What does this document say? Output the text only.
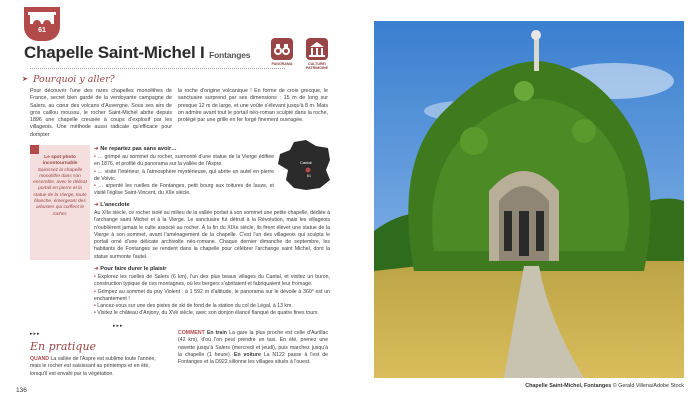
61
Chapelle Saint-Michel I Fontanges
PANORAMA	CULTURE/
PATRIMOINE
➤ Pourquoi y aller?
Pour découvrir l'une des rares chapelles monolithes de France, secret bien gardé de la verdoyante campagne de Salers, au cœur des volcans d'Auvergne. Sous ses airs de gros caillou moussu, le rocher Saint-Michel abrite depuis 1896 une chapelle creusée à coups d'explosif par les villageois. Une méthode aussi radicale qu'efficace pour dompter
la roche d'origine volcanique ! En forme de croix grecque, le sanctuaire surprend par ses dimensions : 15 m de long sur presque 12 m de large, et une voûte s'élevant jusqu'à 8 m. Mais on admire avant tout le portail néo-roman sculpté dans la roche, protégé par une grille en fer forgé finement ouvragée.
Le spot photo incontournable
Saisissez la chapelle monolithe dans son ensemble, avec le délicat portail en pierre et la statue de la Vierge, toute blanche, émergeant des arbustes qui coiffent le rocher.
➜ Ne repartez pas sans avoir…
• … grimpé au sommet du rocher, surmonté d'une statue de la Vierge édifiée en 1876, et profité du panorama sur la vallée de l'Aspre.
• … visité l'intérieur, à l'atmosphère mystérieuse, qui abrite un autel en pierre de Volvic.
• … arpenté les ruelles de Fontanges, petit bourg aux toitures de lauze, et visité l'église Saint-Vincent, du XIIe siècle.
Cantal
61
➜ L'anecdote
Au XIIe siècle, ce rocher isolé au milieu de la vallée portait à son sommet une petite chapelle, dédiée à l'archange saint Michel et à la Vierge. Le sanctuaire fut détruit à la Révolution, mais les villageois n'oublièrent jamais le culte associé au rocher. À la fin du XIXe siècle, ils firent élever une statue de la Vierge à son sommet, avant l'aménagement de la chapelle. C'est l'un des villageois qui sculpta le portail orné d'une délicate archivolte néo-romane. Chaque dernier dimanche de septembre, les habitants de Fontanges se rendent dans la chapelle pour célébrer l'archange saint Michel, dont la statue surmonte l'autel.
➜ Pour faire durer le plaisir
• Explorez les ruelles de Salers (6 km), l'un des plus beaux villages du Cantal, et visitez un buron, construction typique de ces montagnes, où les bergers s'abritaient et fabriquaient leur fromage.
• Grimpez au sommet du puy Violent : à 1 592 m d'altitude, le panorama sur le dévoile à 360° est un enchantement !
• Lancez-vous sur une des pistes de ski de fond de la station du col de Légal, à 13 km.
• Visitez le château d'Anjony, du XVe siècle, avec son donjon élancé flanqué de quatre fines tours.
▸▸▸
▸▸▸
En pratique
QUAND La vallée de l'Aspre est sublime toute l'année, mais le rocher est saisissant au printemps et en été, lorsqu'il est envahi par la végétation.
COMMENT En train La gare la plus proche est celle d'Aurillac (42 km), d'où l'on peut prendre un taxi. En été, prenez une navette jusqu'à Salers (mercredi et jeudi), puis marchez jusqu'à la chapelle (1 heure). En voiture La N122 passe à l'est de Fontanges et la D922 sillonne les villages situés à l'ouest.
136
Chapelle Saint-Michel, Fontanges © Gerald Villena/Adobe Stock
